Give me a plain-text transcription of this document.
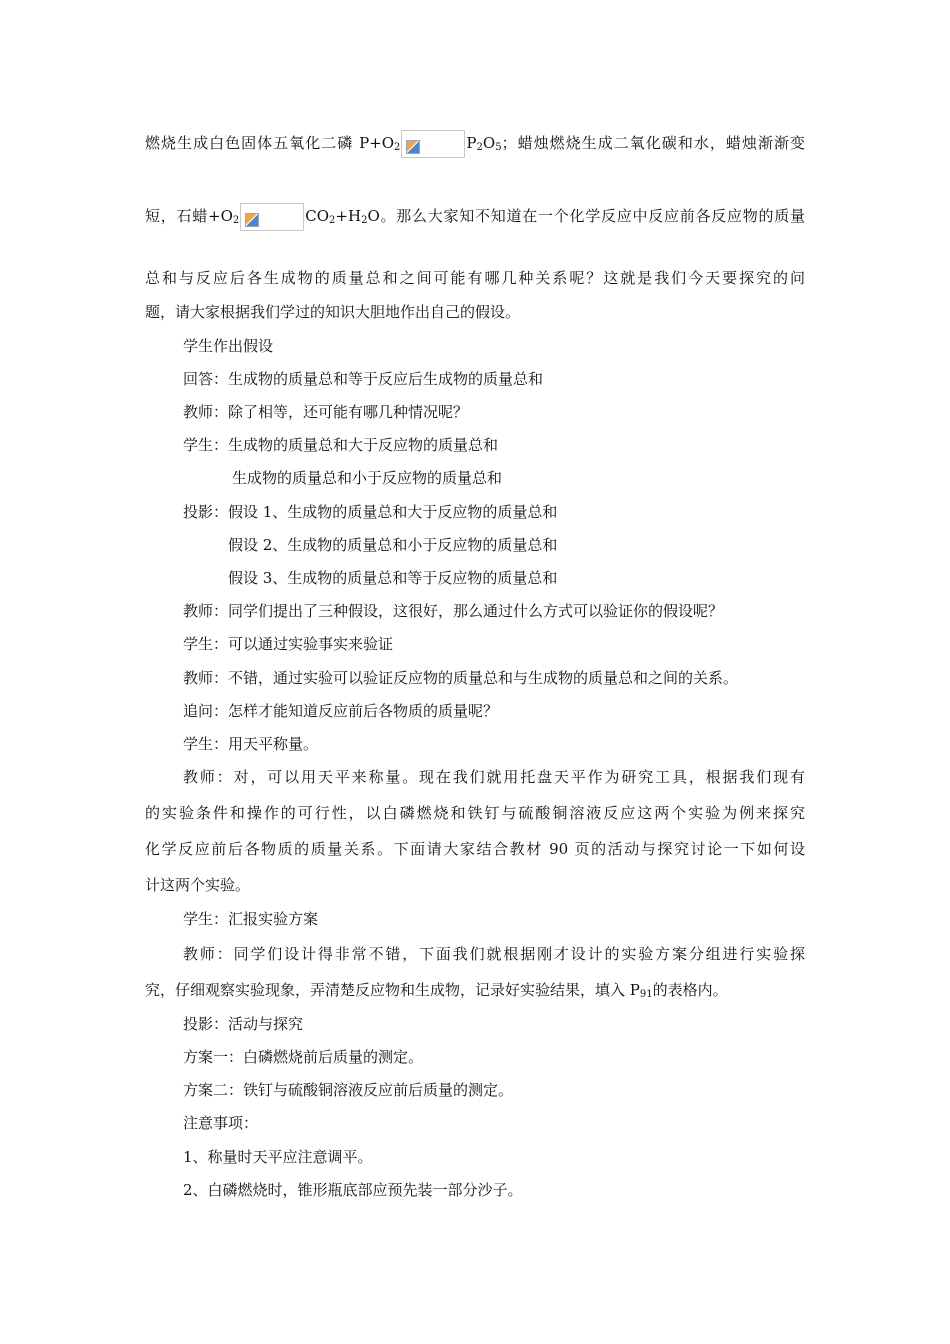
燃烧生成白色固体五氧化二磷 $P+O_2$	$P_2O_5$；蜡烛燃烧生成二氧化碳和水，蜡烛渐渐变
短，石蜡$+O_2$	$CO_2+H_2O$。那么大家知不知道在一个化学反应中反应前各反应物的质量
总和与反应后各生成物的质量总和之间可能有哪几种关系呢？这就是我们今天要探究的问
题，请大家根据我们学过的知识大胆地作出自己的假设。
学生作出假设
回答：生成物的质量总和等于反应后生成物的质量总和
教师：除了相等，还可能有哪几种情况呢？
学生：生成物的质量总和大于反应物的质量总和
生成物的质量总和小于反应物的质量总和
投影：假设 1、生成物的质量总和大于反应物的质量总和
假设 2、生成物的质量总和小于反应物的质量总和
假设 3、生成物的质量总和等于反应物的质量总和
教师：同学们提出了三种假设，这很好，那么通过什么方式可以验证你的假设呢？
学生：可以通过实验事实来验证
教师：不错，通过实验可以验证反应物的质量总和与生成物的质量总和之间的关系。
追问：怎样才能知道反应前后各物质的质量呢？
学生：用天平称量。
教师：对，可以用天平来称量。现在我们就用托盘天平作为研究工具，根据我们现有
的实验条件和操作的可行性，以白磷燃烧和铁钉与硫酸铜溶液反应这两个实验为例来探究
化学反应前后各物质的质量关系。下面请大家结合教材 90 页的活动与探究讨论一下如何设
计这两个实验。
学生：汇报实验方案
教师：同学们设计得非常不错，下面我们就根据刚才设计的实验方案分组进行实验探
究，仔细观察实验现象，弄清楚反应物和生成物，记录好实验结果，填入 $P_{91}$的表格内。
投影：活动与探究
方案一：白磷燃烧前后质量的测定。
方案二：铁钉与硫酸铜溶液反应前后质量的测定。
注意事项：
1、称量时天平应注意调平。
2、白磷燃烧时，锥形瓶底部应预先装一部分沙子。
